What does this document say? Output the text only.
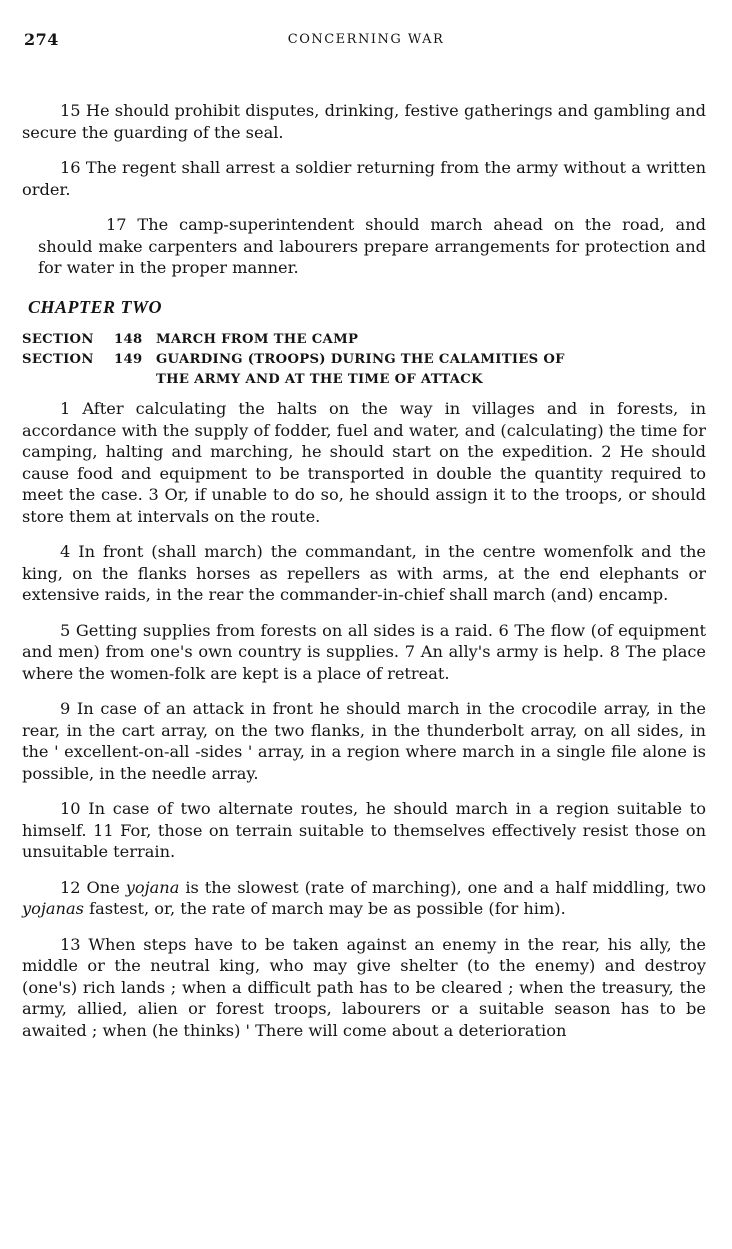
274	CONCERNING WAR

15 He should prohibit disputes, drinking, festive gatherings and gambling and secure the guarding of the seal.

16 The regent shall arrest a soldier returning from the army without a written order.

17 The camp-superintendent should march ahead on the road, and should make carpenters and labourers prepare arrangements for protection and for water in the proper manner.

CHAPTER TWO
SECTION	148	MARCH FROM THE CAMP
SECTION	149	GUARDING (TROOPS) DURING THE CALAMITIES OF
THE ARMY AND AT THE TIME OF ATTACK

1 After calculating the halts on the way in villages and in forests, in accordance with the supply of fodder, fuel and water, and (calculating) the time for camping, halting and marching, he should start on the expedition. 2 He should cause food and equipment to be transported in double the quantity required to meet the case. 3 Or, if unable to do so, he should assign it to the troops, or should store them at intervals on the route.

4 In front (shall march) the commandant, in the centre womenfolk and the king, on the flanks horses as repellers as with arms, at the end elephants or extensive raids, in the rear the commander-in-chief shall march (and) encamp.

5 Getting supplies from forests on all sides is a raid. 6 The flow (of equipment and men) from one's own country is supplies. 7 An ally's army is help. 8 The place where the women-folk are kept is a place of retreat.

9 In case of an attack in front he should march in the crocodile array, in the rear, in the cart array, on the two flanks, in the thunderbolt array, on all sides, in the ' excellent-on-all -sides ' array, in a region where march in a single file alone is possible, in the needle array.

10 In case of two alternate routes, he should march in a region suitable to himself. 11 For, those on terrain suitable to themselves effectively resist those on unsuitable terrain.

12 One yojana is the slowest (rate of marching), one and a half middling, two yojanas fastest, or, the rate of march may be as possible (for him).

13 When steps have to be taken against an enemy in the rear, his ally, the middle or the neutral king, who may give shelter (to the enemy) and destroy (one's) rich lands ; when a difficult path has to be cleared ; when the treasury, the army, allied, alien or forest troops, labourers or a suitable season has to be awaited ; when (he thinks) ' There will come about a deterioration
